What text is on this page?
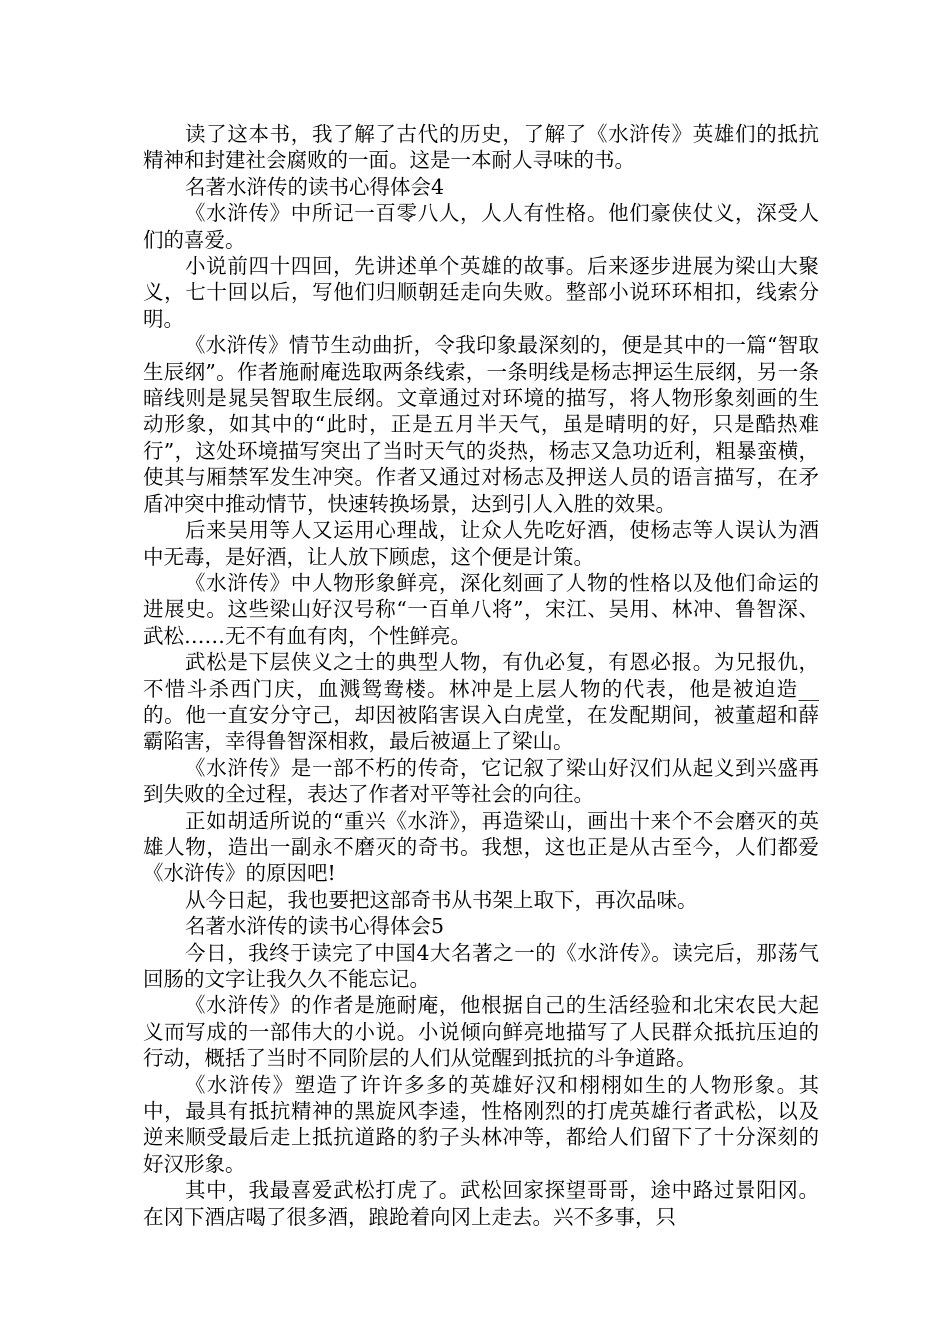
读了这本书，我了解了古代的历史，了解了《水浒传》英雄们的抵抗精神和封建社会腐败的一面。这是一本耐人寻味的书。

名著水浒传的读书心得体会4

《水浒传》中所记一百零八人，人人有性格。他们豪侠仗义，深受人们的喜爱。

小说前四十四回，先讲述单个英雄的故事。后来逐步进展为梁山大聚义，七十回以后，写他们归顺朝廷走向失败。整部小说环环相扣，线索分明。

《水浒传》情节生动曲折，令我印象最深刻的，便是其中的一篇“智取生辰纲”。作者施耐庵选取两条线索，一条明线是杨志押运生辰纲，另一条暗线则是晁吴智取生辰纲。文章通过对环境的描写，将人物形象刻画的生动形象，如其中的“此时，正是五月半天气，虽是晴明的好，只是酷热难行”，这处环境描写突出了当时天气的炎热，杨志又急功近利，粗暴蛮横，使其与厢禁军发生冲突。作者又通过对杨志及押送人员的语言描写，在矛盾冲突中推动情节，快速转换场景，达到引人入胜的效果。

后来吴用等人又运用心理战，让众人先吃好酒，使杨志等人误认为酒中无毒，是好酒，让人放下顾虑，这个便是计策。

《水浒传》中人物形象鲜亮，深化刻画了人物的性格以及他们命运的进展史。这些梁山好汉号称“一百单八将”，宋江、吴用、林冲、鲁智深、武松……无不有血有肉，个性鲜亮。

武松是下层侠义之士的典型人物，有仇必复，有恩必报。为兄报仇，不惜斗杀西门庆，血溅鸳鸯楼。林冲是上层人物的代表，他是被迫造__的。他一直安分守己，却因被陷害误入白虎堂，在发配期间，被董超和薛霸陷害，幸得鲁智深相救，最后被逼上了梁山。

《水浒传》是一部不朽的传奇，它记叙了梁山好汉们从起义到兴盛再到失败的全过程，表达了作者对平等社会的向往。

正如胡适所说的“重兴《水浒》，再造梁山，画出十来个不会磨灭的英雄人物，造出一副永不磨灭的奇书。我想，这也正是从古至今，人们都爱《水浒传》的原因吧!

从今日起，我也要把这部奇书从书架上取下，再次品味。

名著水浒传的读书心得体会5

今日，我终于读完了中国4大名著之一的《水浒传》。读完后，那荡气回肠的文字让我久久不能忘记。

《水浒传》的作者是施耐庵，他根据自己的生活经验和北宋农民大起义而写成的一部伟大的小说。小说倾向鲜亮地描写了人民群众抵抗压迫的行动，概括了当时不同阶层的人们从觉醒到抵抗的斗争道路。

《水浒传》塑造了许许多多的英雄好汉和栩栩如生的人物形象。其中，最具有抵抗精神的黑旋风李逵，性格刚烈的打虎英雄行者武松，以及逆来顺受最后走上抵抗道路的豹子头林冲等，都给人们留下了十分深刻的好汉形象。

其中，我最喜爱武松打虎了。武松回家探望哥哥，途中路过景阳冈。在冈下酒店喝了很多酒，踉跄着向冈上走去。兴不多事，只
